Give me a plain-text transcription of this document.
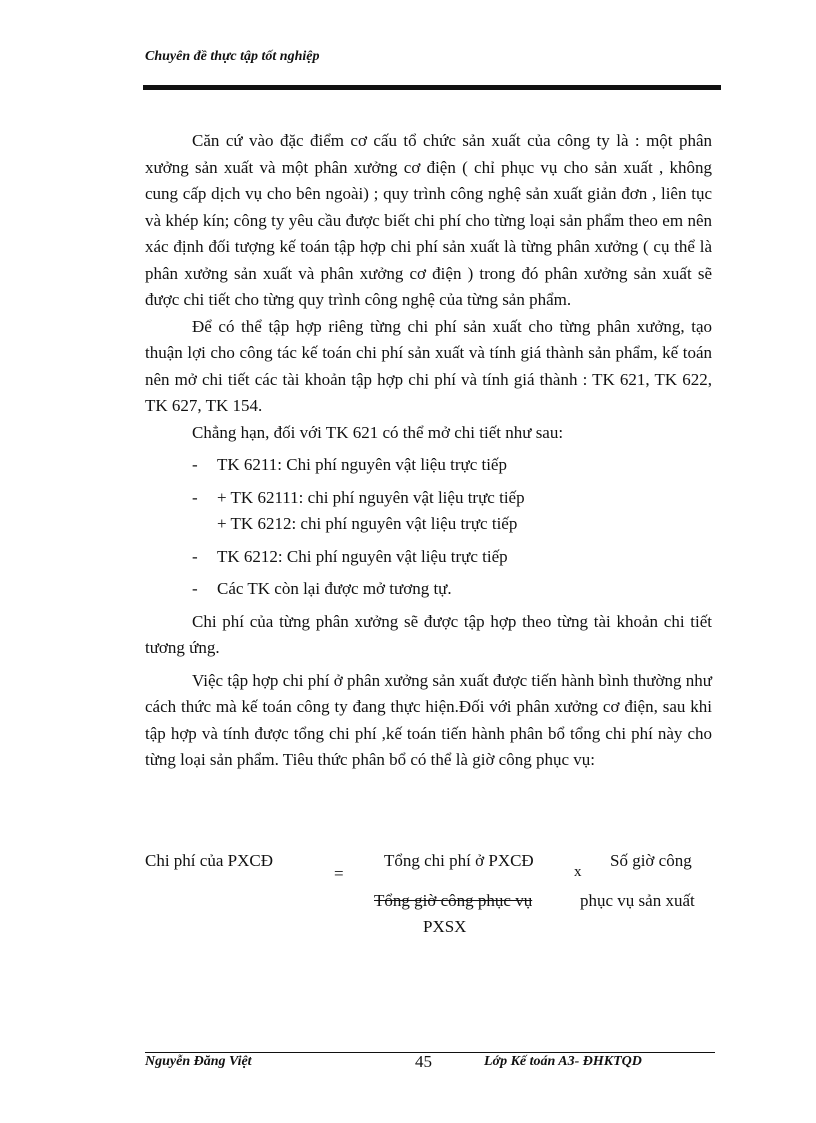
Chuyên đề thực tập tốt nghiệp

Căn cứ vào đặc điểm cơ cấu tổ chức sản xuất của công ty là : một phân xưởng sản xuất và một phân xưởng cơ điện ( chỉ phục vụ cho sản xuất , không cung cấp dịch vụ cho bên ngoài) ; quy trình công nghệ sản xuất giản đơn , liên tục và khép kín; công ty yêu cầu được biết chi phí cho từng loại sản phẩm theo em nên xác định đối tượng kế toán tập hợp chi phí sản xuất là từng phân xưởng ( cụ thể là phân xưởng sản xuất và phân xưởng cơ điện ) trong đó phân xưởng sản xuất sẽ được chi tiết cho từng quy trình công nghệ của từng sản phẩm.

Để có thể tập hợp riêng từng chi phí sản xuất cho từng phân xưởng, tạo thuận lợi cho công tác kế toán chi phí sản xuất và tính giá thành sản phẩm, kế toán nên mở chi tiết các tài khoản tập hợp chi phí và tính giá thành : TK 621, TK 622, TK 627, TK 154.

Chẳng hạn, đối với TK 621 có thể mở chi tiết như sau:

-	TK 6211: Chi phí nguyên vật liệu trực tiếp
-	+ TK 62111: chi phí nguyên vật liệu trực tiếp
+ TK 6212: chi phí nguyên vật liệu trực tiếp
-	TK 6212: Chi phí nguyên vật liệu trực tiếp
-	Các TK còn lại được mở tương tự.

Chi phí của từng phân xưởng sẽ được tập hợp theo từng tài khoản chi tiết tương ứng.

Việc tập hợp chi phí ở phân xưởng sản xuất được tiến hành bình thường như cách thức mà kế toán công ty đang thực hiện.Đối với phân xưởng cơ điện, sau khi tập hợp và tính được tổng chi phí ,kế toán tiến hành phân bổ tổng chi phí này cho từng loại sản phẩm. Tiêu thức phân bổ có thể là giờ công phục vụ:

Chi phí của PXCĐ
=
Tổng chi phí ở PXCĐ
x
Số giờ công
Tổng giờ công phục vụ	phục vụ sản xuất
PXSX
Nguyễn Đăng Việt	45	Lớp Kế toán A3- ĐHKTQD
